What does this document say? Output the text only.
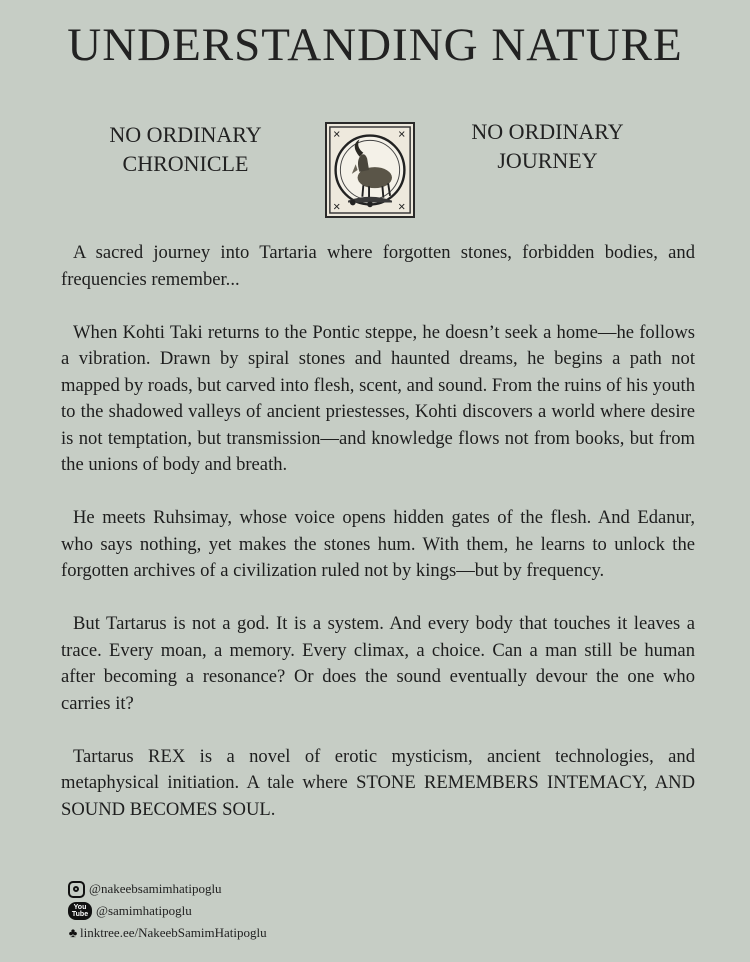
UNDERSTANDING NATURE
NO ORDINARY
CHRONICLE
✕	✕
✕	✕
NO ORDINARY
JOURNEY

A sacred journey into Tartaria where forgotten stones, forbidden bodies, and frequencies remember...

When Kohti Taki returns to the Pontic steppe, he doesn’t seek a home—he follows a vibration. Drawn by spiral stones and haunted dreams, he begins a path not mapped by roads, but carved into flesh, scent, and sound. From the ruins of his youth to the shadowed valleys of ancient priestesses, Kohti discovers a world where desire is not temptation, but transmission—and knowledge flows not from books, but from the unions of body and breath.

He meets Ruhsimay, whose voice opens hidden gates of the flesh. And Edanur, who says nothing, yet makes the stones hum. With them, he learns to unlock the forgotten archives of a civilization ruled not by kings—but by frequency.

But Tartarus is not a god. It is a system. And every body that touches it leaves a trace. Every moan, a memory. Every climax, a choice. Can a man still be human after becoming a resonance? Or does the sound eventually devour the one who carries it?

Tartarus REX is a novel of erotic mysticism, ancient technologies, and metaphysical initiation. A tale where STONE REMEMBERS INTEMACY, AND SOUND BECOMES SOUL.

@nakeebsamimhatipoglu
You
Tube @samimhatipoglu
♣ linktree.ee/NakeebSamimHatipoglu
